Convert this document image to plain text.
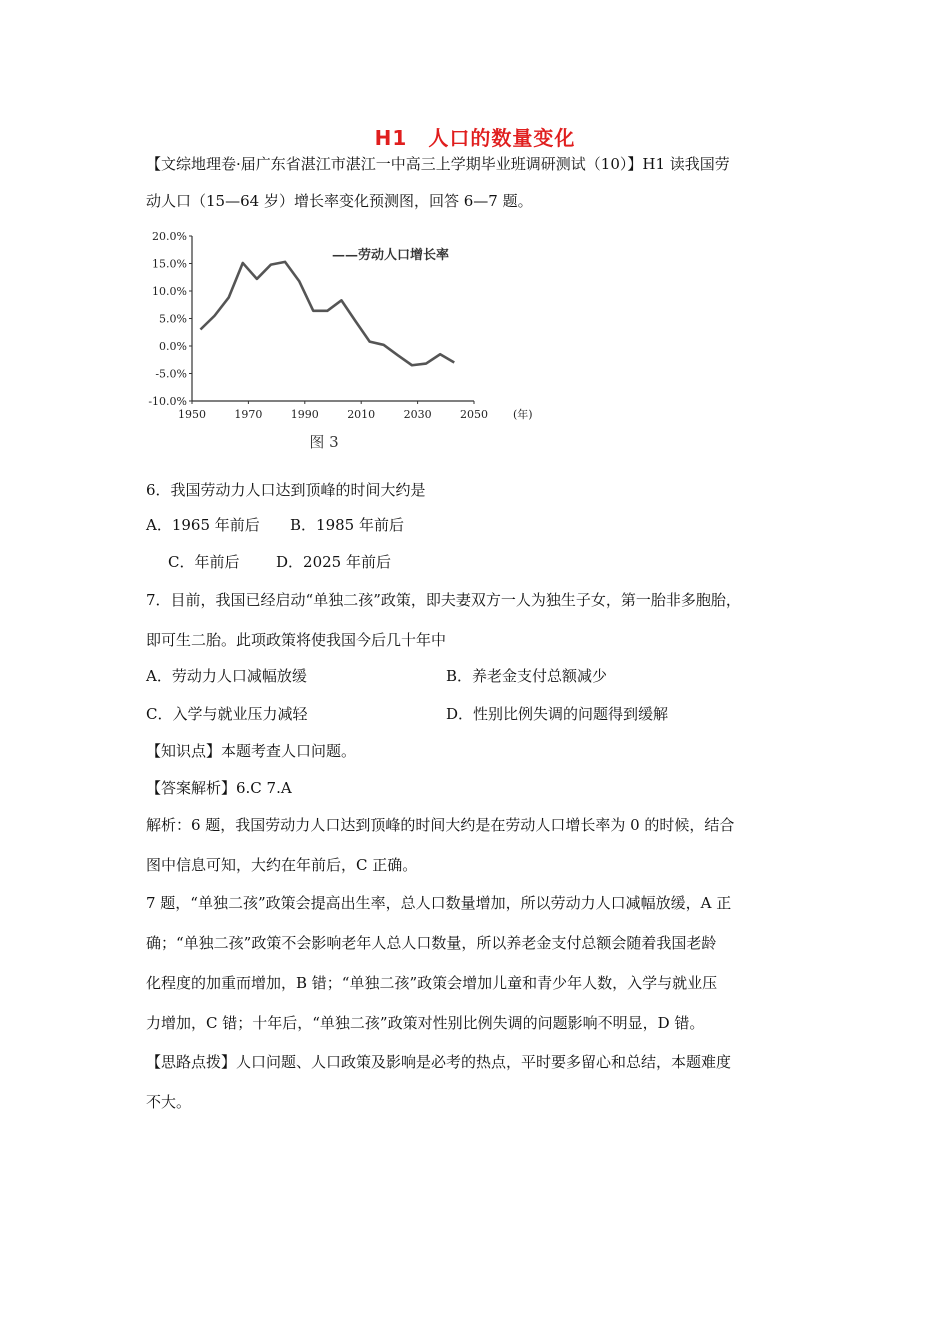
H1　人口的数量变化
【文综地理卷·届广东省湛江市湛江一中高三上学期毕业班调研测试（10）】H1 读我国劳
动人口（15—64 岁）增长率变化预测图，回答 6—7 题。
20.0%
15.0%
10.0%
5.0%
0.0%
-5.0%
-10.0%
1950	1970	1990	2010	2030	2050 (年)
——劳动人口增长率
图 3
6．我国劳动力人口达到顶峰的时间大约是
A．1965 年前后 B．1985 年前后
C．年前后 D．2025 年前后
7．目前，我国已经启动“单独二孩”政策，即夫妻双方一人为独生子女，第一胎非多胞胎，
即可生二胎。此项政策将使我国今后几十年中
A．劳动力人口减幅放缓	B．养老金支付总额减少
C．入学与就业压力减轻	D．性别比例失调的问题得到缓解
【知识点】本题考查人口问题。
【答案解析】6.C 7.A
解析：6 题，我国劳动力人口达到顶峰的时间大约是在劳动人口增长率为 0 的时候，结合
图中信息可知，大约在年前后，C 正确。
7 题，“单独二孩”政策会提高出生率，总人口数量增加，所以劳动力人口减幅放缓，A 正
确；“单独二孩”政策不会影响老年人总人口数量，所以养老金支付总额会随着我国老龄
化程度的加重而增加，B 错；“单独二孩”政策会增加儿童和青少年人数，入学与就业压
力增加，C 错；十年后，“单独二孩”政策对性别比例失调的问题影响不明显，D 错。
【思路点拨】人口问题、人口政策及影响是必考的热点，平时要多留心和总结，本题难度
不大。
